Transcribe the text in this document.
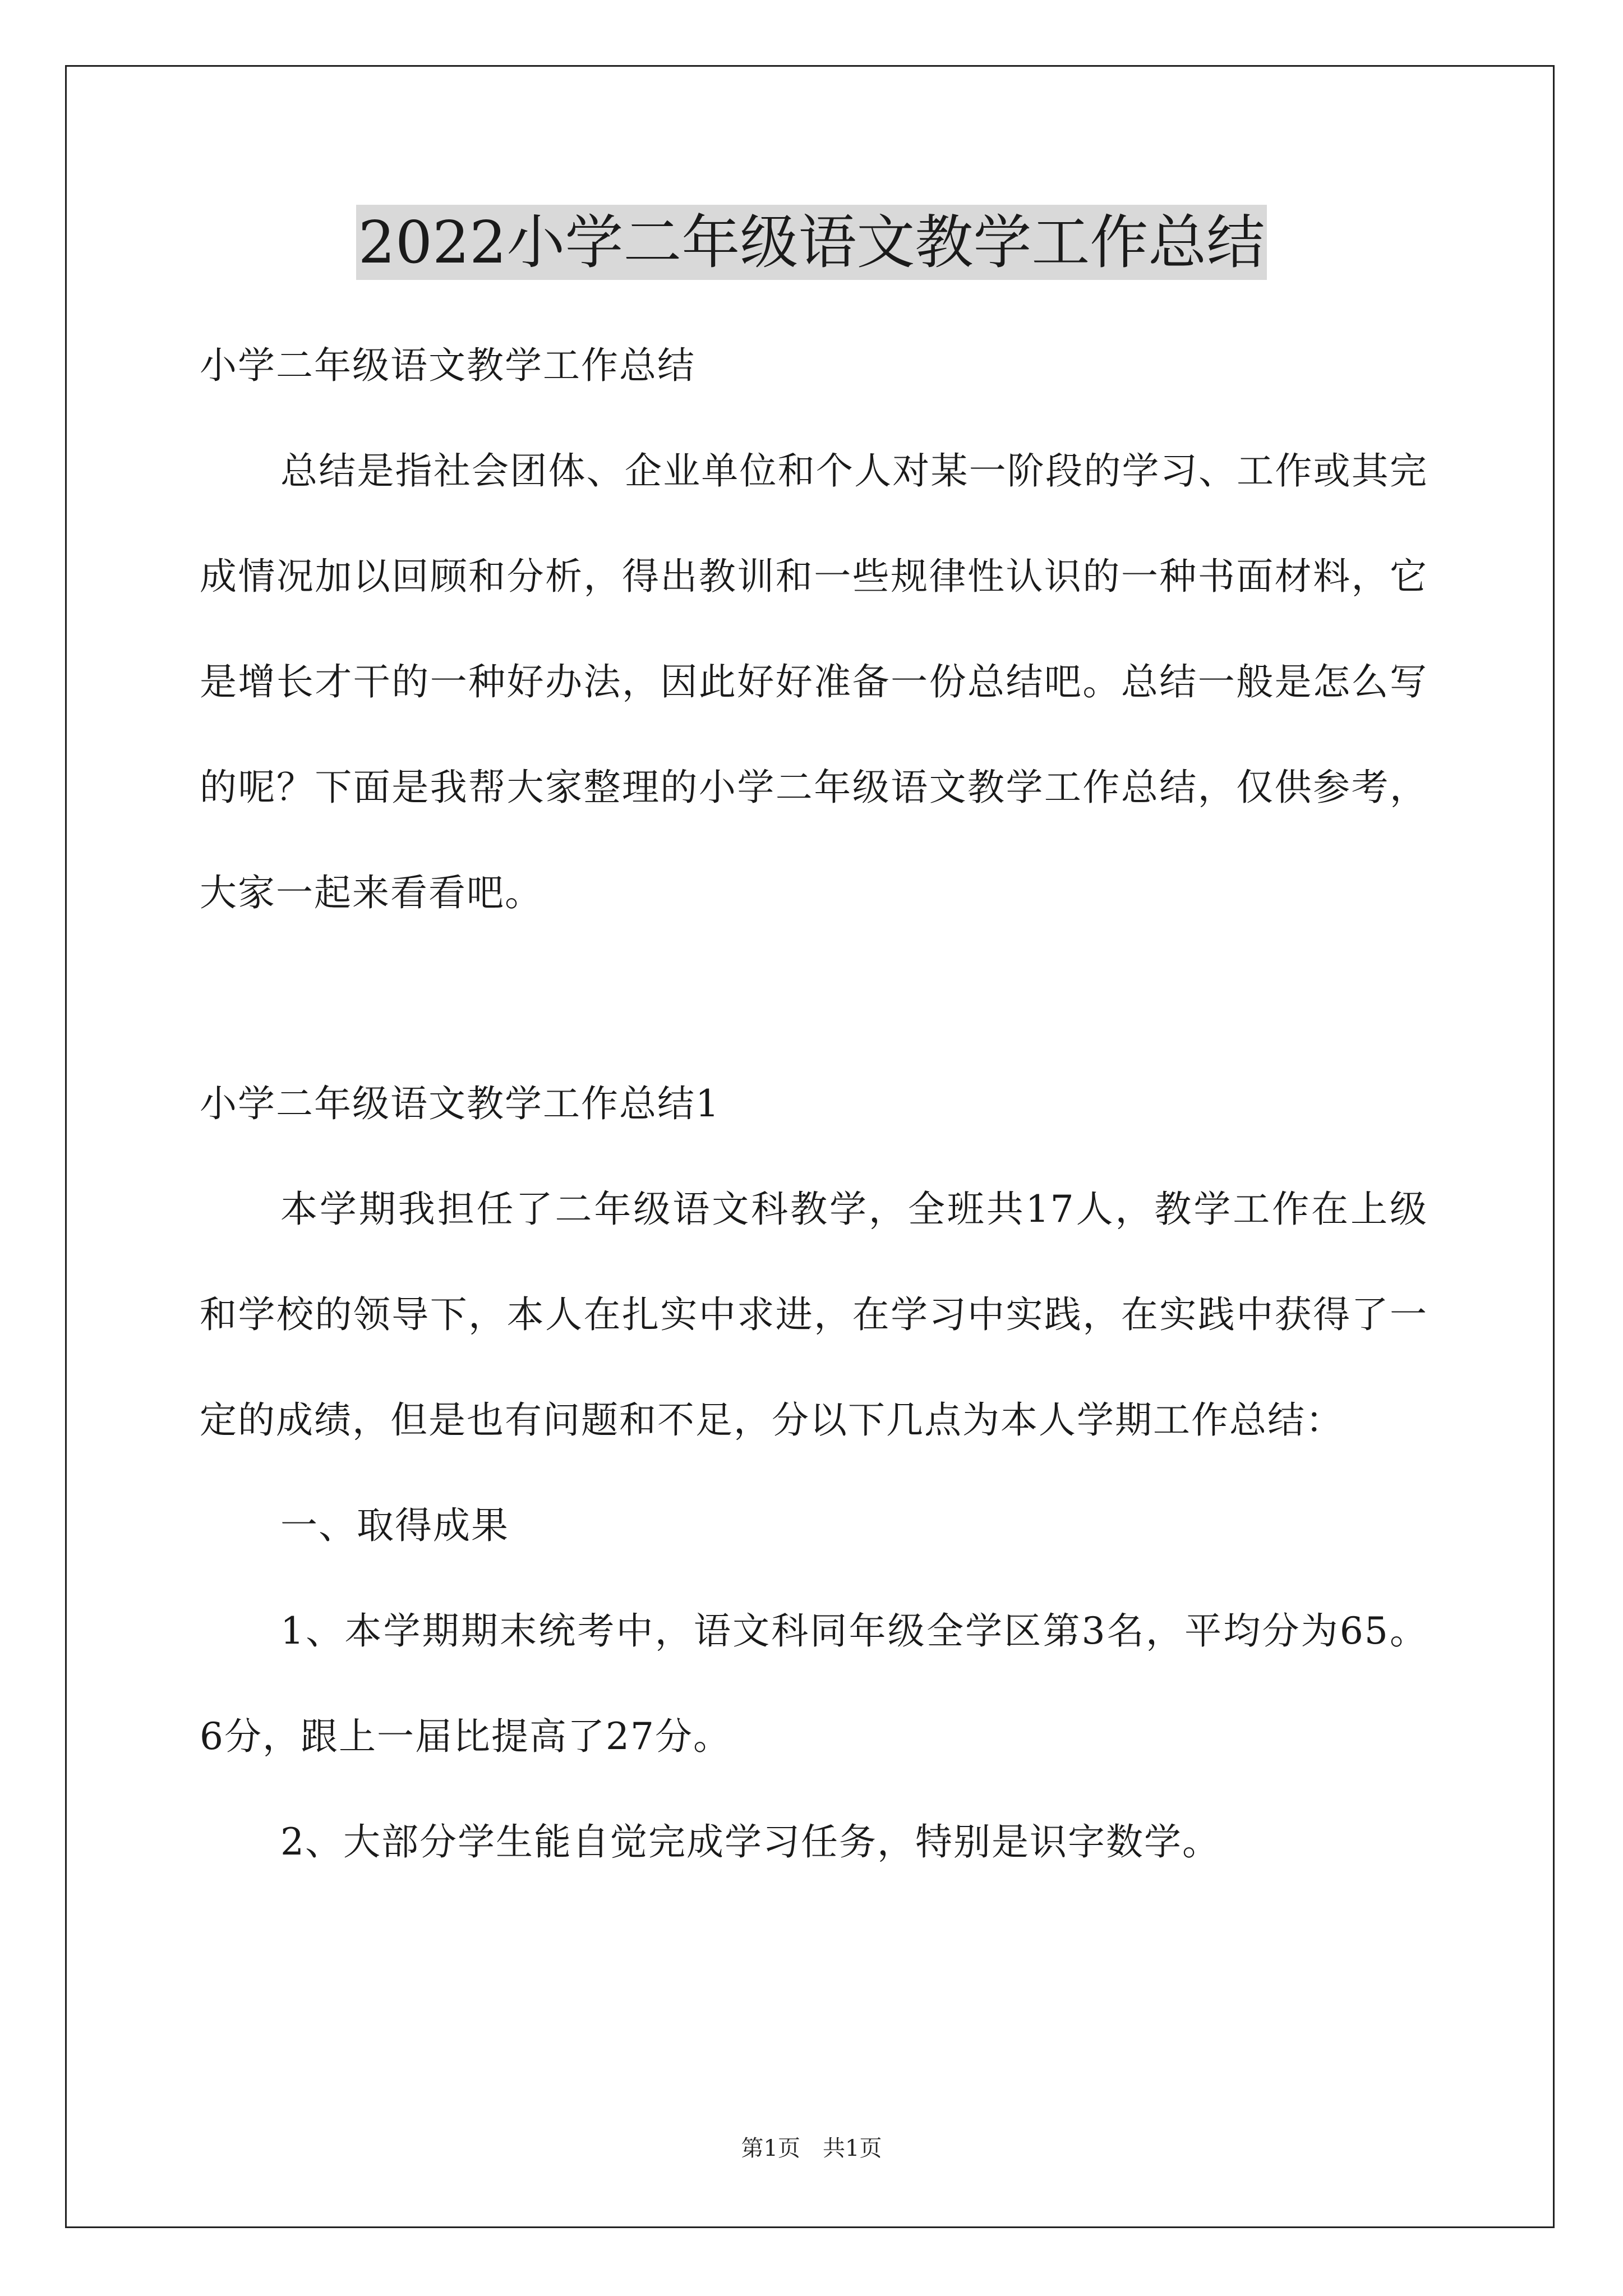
2022小学二年级语文教学工作总结

小学二年级语文教学工作总结

总结是指社会团体、企业单位和个人对某一阶段的学习、工作或其完成情况加以回顾和分析，得出教训和一些规律性认识的一种书面材料，它是增长才干的一种好办法，因此好好准备一份总结吧。总结一般是怎么写的呢？下面是我帮大家整理的小学二年级语文教学工作总结，仅供参考，大家一起来看看吧。

小学二年级语文教学工作总结1

本学期我担任了二年级语文科教学，全班共17人，教学工作在上级和学校的领导下，本人在扎实中求进，在学习中实践，在实践中获得了一定的成绩，但是也有问题和不足，分以下几点为本人学期工作总结：

一、取得成果

1、本学期期末统考中，语文科同年级全学区第3名，平均分为65。6分，跟上一届比提高了27分。

2、大部分学生能自觉完成学习任务，特别是识字数学。

第1页 共1页
